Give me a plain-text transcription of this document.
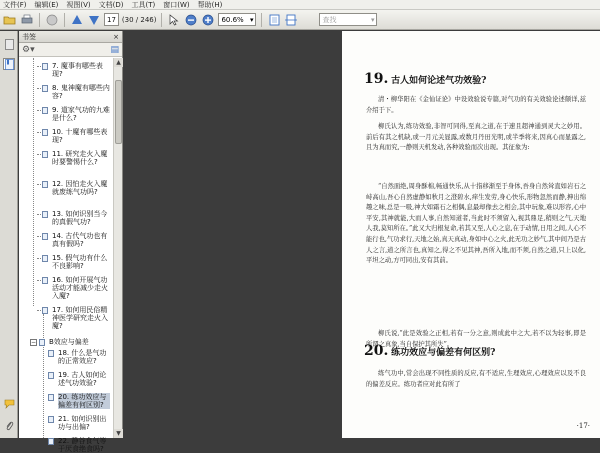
文件(F) 编辑(E) 视图(V) 文档(D) 工具(T) 窗口(W) 帮助(H)
17 (30 / 246)	60.6% ▾	查找	▾
书签	×
⚙▾	▤
7. 魔事有哪些表现?
8. 鬼神魔有哪些内容?
9. 道家气功的九难是什么?
10. 十魔有哪些表现?
11. 研究走火入魔时要警惕什么?
12. 因怕走火入魔就废练气功吗?
13. 如何识别当今的真假气功?
14. 古代气功也有真有假吗?
15. 假气功有什么不良影响?
16. 如何开展气功活动才能减少走火入魔?
17. 如何用民俗精神医学研究走火入魔?
− B效应与偏差
18. 什么是气功的正常效应?
19. 古人如何论述气功效验?
20. 练功效应与偏差有何区别?
21. 如何识别出功与出偏?
22. 静谷食气等于厌食绝食吗?
▲
▼
19. 古人如何论述气功效验?

清・柳华阳在《金仙证论》中设效验说专篇,对气功的有关效验论述颇详,兹介绍于下。

柳氏认为,练功效验,非智可同得,至真之道,在于速且超神通到灵大之妙用。前后有其之机缺,或一月元关显露,或数月丹田光明,或半季将来,因真心而显露之,且为真而究,一静则天机发动,各种效验而次出现。其征象为:

“自然面绝,周身酥棉,畅通快乐,从十指移渐至于身体,吾身自然耸直如岩石之峙高山,吾心自然虚静如秋月之澄碧水,痒生发劳,身心快乐,形物忽然而静,抻出绵趣之味,总是一吸,神大如霜石之相偶,息最却像去之相会,其中玩象,难以形容,心中平安,其神就能,大而人事,自然知道者,当此时不须留入,视其鼎足,稍则之气,天地人我,莫知所在。”此又大归根复命,若其又至,人心之息,在于动情,日用之间,人心不能行也,气功求行,天地之始,真天真动,身如中心之火,此无功之妙气,其中间乃是古人之言,道之所言也,真知之,得之不见其神,吾所入地,而不须,自然之道,只上以化,平坦之动,方可同出,安有其前。

柳氏说,“此是效验之正相,若有一分之意,则成此中之大,若不以为轻事,即是所谓之真象,当自保护其所失”。

20. 练功效应与偏差有何区别?

练气功中,常会出现不同性质的反应,有不适应,生理效应,心理效应以及不良的偏差反应。练功者应对此有所了

·17·
